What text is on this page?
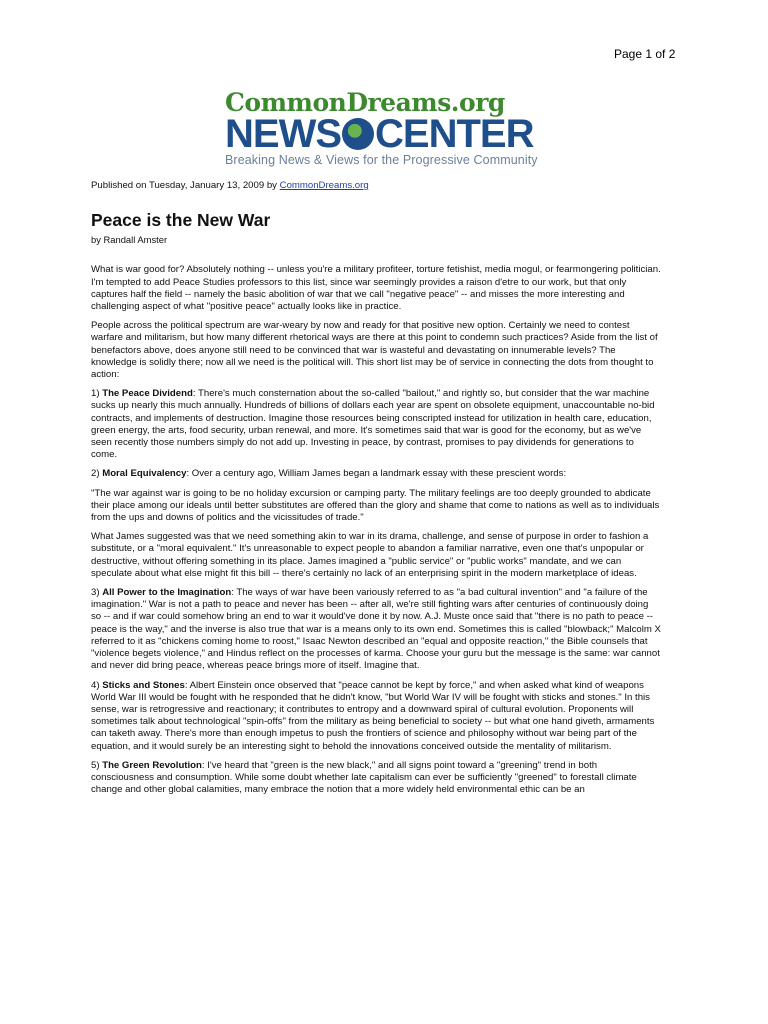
Page 1 of 2
CommonDreams.org
NEWS CENTER
Breaking News & Views for the Progressive Community
Published on Tuesday, January 13, 2009 by CommonDreams.org
Peace is the New War
by Randall Amster

What is war good for? Absolutely nothing -- unless you're a military profiteer, torture fetishist, media mogul, or fearmongering politician. I'm tempted to add Peace Studies professors to this list, since war seemingly provides a raison d'etre to our work, but that only captures half the field -- namely the basic abolition of war that we call "negative peace" -- and misses the more interesting and challenging aspect of what "positive peace" actually looks like in practice.

People across the political spectrum are war-weary by now and ready for that positive new option. Certainly we need to contest warfare and militarism, but how many different rhetorical ways are there at this point to condemn such practices? Aside from the list of benefactors above, does anyone still need to be convinced that war is wasteful and devastating on innumerable levels? The knowledge is solidly there; now all we need is the political will. This short list may be of service in connecting the dots from thought to action:

1) The Peace Dividend: There's much consternation about the so-called "bailout," and rightly so, but consider that the war machine sucks up nearly this much annually. Hundreds of billions of dollars each year are spent on obsolete equipment, unaccountable no-bid contracts, and implements of destruction. Imagine those resources being conscripted instead for utilization in health care, education, green energy, the arts, food security, urban renewal, and more. It's sometimes said that war is good for the economy, but as we've seen recently those numbers simply do not add up. Investing in peace, by contrast, promises to pay dividends for generations to come.

2) Moral Equivalency: Over a century ago, William James began a landmark essay with these prescient words:

"The war against war is going to be no holiday excursion or camping party. The military feelings are too deeply grounded to abdicate their place among our ideals until better substitutes are offered than the glory and shame that come to nations as well as to individuals from the ups and downs of politics and the vicissitudes of trade."

What James suggested was that we need something akin to war in its drama, challenge, and sense of purpose in order to fashion a substitute, or a "moral equivalent." It's unreasonable to expect people to abandon a familiar narrative, even one that's unpopular or destructive, without offering something in its place. James imagined a "public service" or "public works" mandate, and we can speculate about what else might fit this bill -- there's certainly no lack of an enterprising spirit in the modern marketplace of ideas.

3) All Power to the Imagination: The ways of war have been variously referred to as "a bad cultural invention" and "a failure of the imagination." War is not a path to peace and never has been -- after all, we're still fighting wars after centuries of continuously doing so -- and if war could somehow bring an end to war it would've done it by now. A.J. Muste once said that "there is no path to peace -- peace is the way," and the inverse is also true that war is a means only to its own end. Sometimes this is called "blowback;" Malcolm X referred to it as "chickens coming home to roost," Isaac Newton described an "equal and opposite reaction," the Bible counsels that "violence begets violence," and Hindus reflect on the processes of karma. Choose your guru but the message is the same: war cannot and never did bring peace, whereas peace brings more of itself. Imagine that.

4) Sticks and Stones: Albert Einstein once observed that "peace cannot be kept by force," and when asked what kind of weapons World War III would be fought with he responded that he didn't know, "but World War IV will be fought with sticks and stones." In this sense, war is retrogressive and reactionary; it contributes to entropy and a downward spiral of cultural evolution. Proponents will sometimes talk about technological "spin-offs" from the military as being beneficial to society -- but what one hand giveth, armaments can taketh away. There's more than enough impetus to push the frontiers of science and philosophy without war being part of the equation, and it would surely be an interesting sight to behold the innovations conceived outside the mentality of militarism.

5) The Green Revolution: I've heard that "green is the new black," and all signs point toward a "greening" trend in both consciousness and consumption. While some doubt whether late capitalism can ever be sufficiently "greened" to forestall climate change and other global calamities, many embrace the notion that a more widely held environmental ethic can be an
